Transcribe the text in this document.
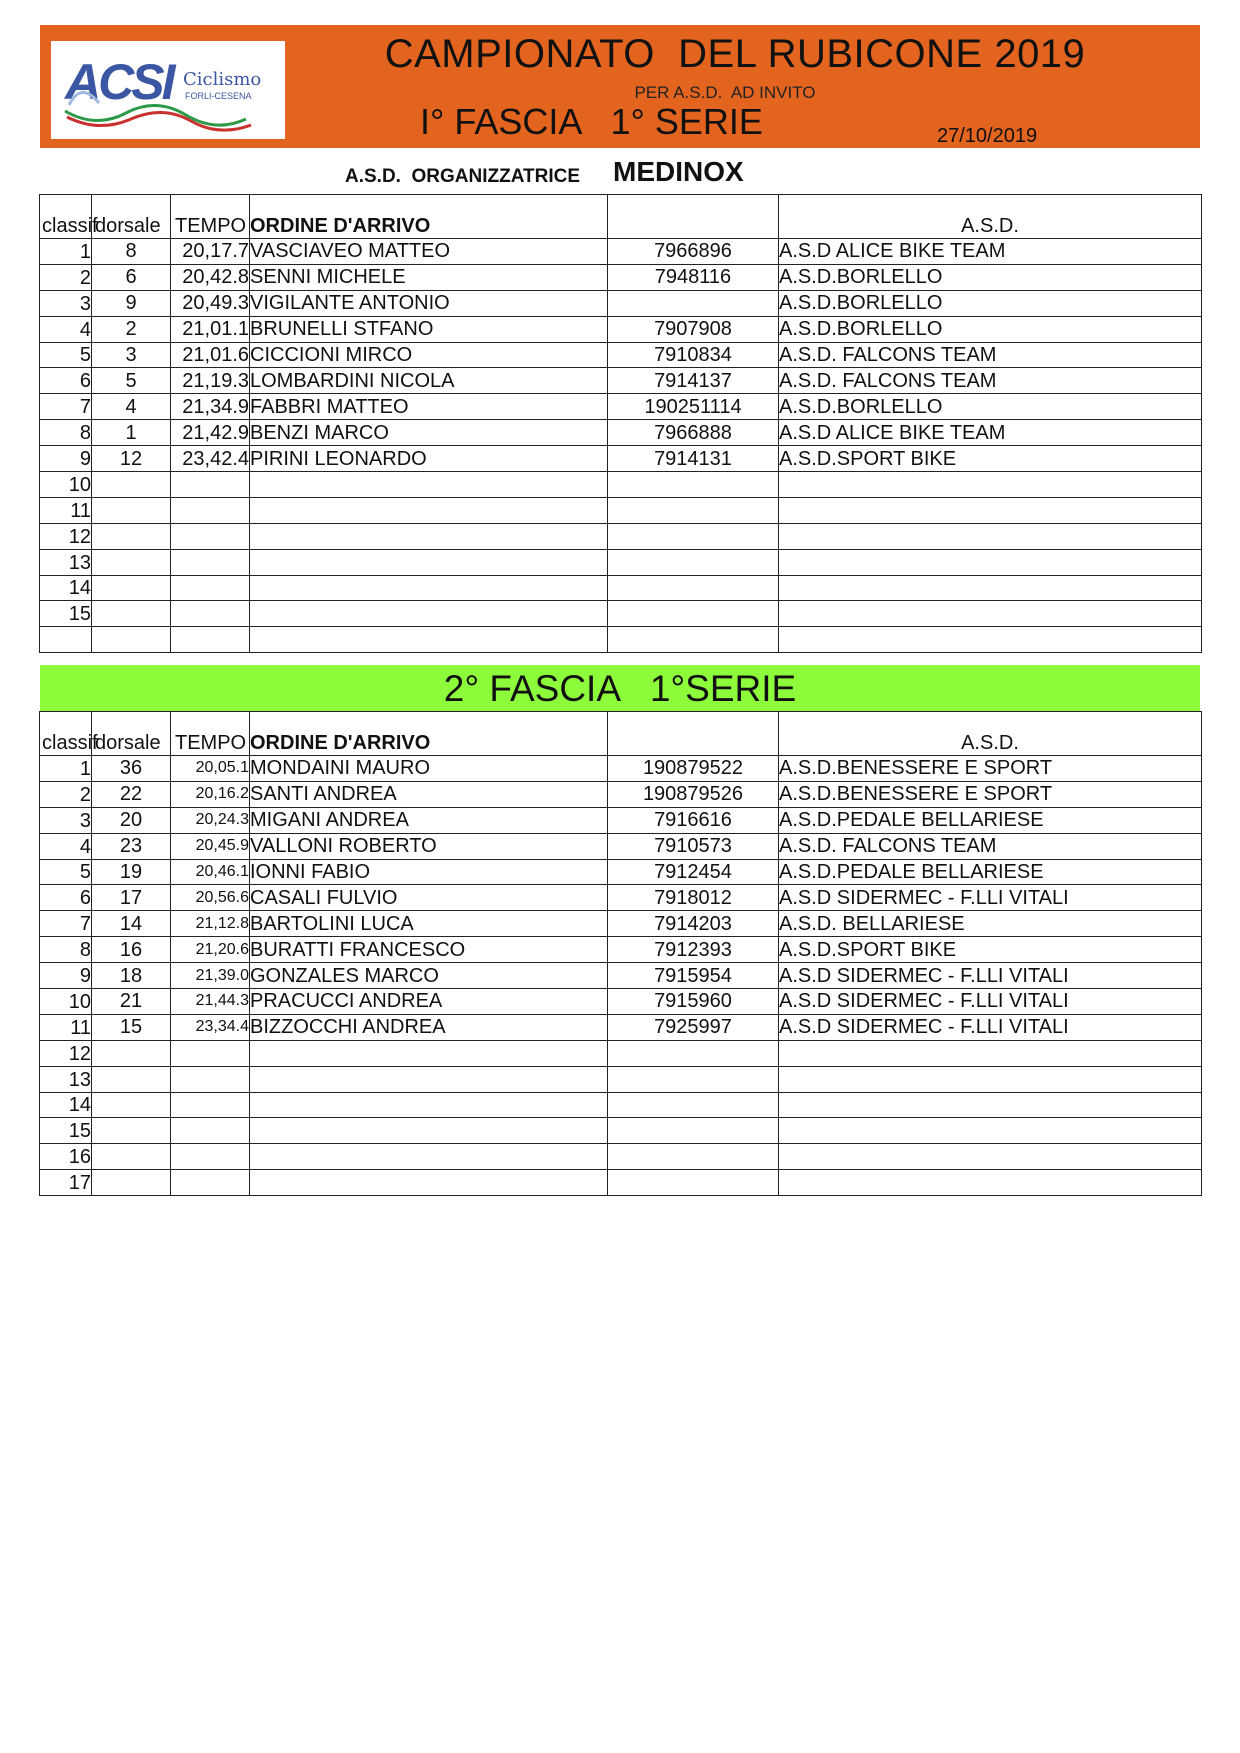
ACSI Ciclismo
FORLI-CESENA
CAMPIONATO  DEL RUBICONE 2019
PER A.S.D.  AD INVITO
I° FASCIA   1° SERIE	27/10/2019
A.S.D.  ORGANIZZATRICE MEDINOX
classif	dorsale	TEMPO	ORDINE D'ARRIVO		A.S.D.
1	8	20,17.7	VASCIAVEO MATTEO	7966896	A.S.D ALICE BIKE TEAM
2	6	20,42.8	SENNI MICHELE	7948116	A.S.D.BORLELLO
3	9	20,49.3	VIGILANTE ANTONIO		A.S.D.BORLELLO
4	2	21,01.1	BRUNELLI STFANO	7907908	A.S.D.BORLELLO
5	3	21,01.6	CICCIONI MIRCO	7910834	A.S.D. FALCONS TEAM
6	5	21,19.3	LOMBARDINI NICOLA	7914137	A.S.D. FALCONS TEAM
7	4	21,34.9	FABBRI MATTEO	190251114	A.S.D.BORLELLO
8	1	21,42.9	BENZI MARCO	7966888	A.S.D ALICE BIKE TEAM
9	12	23,42.4	PIRINI LEONARDO	7914131	A.S.D.SPORT BIKE
10					
11					
12					
13					
14					
15					

2° FASCIA   1°SERIE
classif	dorsale	TEMPO	ORDINE D'ARRIVO		A.S.D.
1	36	20,05.1	MONDAINI MAURO	190879522	A.S.D.BENESSERE E SPORT
2	22	20,16.2	SANTI ANDREA	190879526	A.S.D.BENESSERE E SPORT
3	20	20,24.3	MIGANI ANDREA	7916616	A.S.D.PEDALE BELLARIESE
4	23	20,45.9	VALLONI ROBERTO	7910573	A.S.D. FALCONS TEAM
5	19	20,46.1	IONNI FABIO	7912454	A.S.D.PEDALE BELLARIESE
6	17	20,56.6	CASALI FULVIO	7918012	A.S.D SIDERMEC - F.LLI VITALI
7	14	21,12.8	BARTOLINI LUCA	7914203	A.S.D. BELLARIESE
8	16	21,20.6	BURATTI FRANCESCO	7912393	A.S.D.SPORT BIKE
9	18	21,39.0	GONZALES MARCO	7915954	A.S.D SIDERMEC - F.LLI VITALI
10	21	21,44.3	PRACUCCI ANDREA	7915960	A.S.D SIDERMEC - F.LLI VITALI
11	15	23,34.4	BIZZOCCHI ANDREA	7925997	A.S.D SIDERMEC - F.LLI VITALI
12					
13					
14					
15					
16					
17					
